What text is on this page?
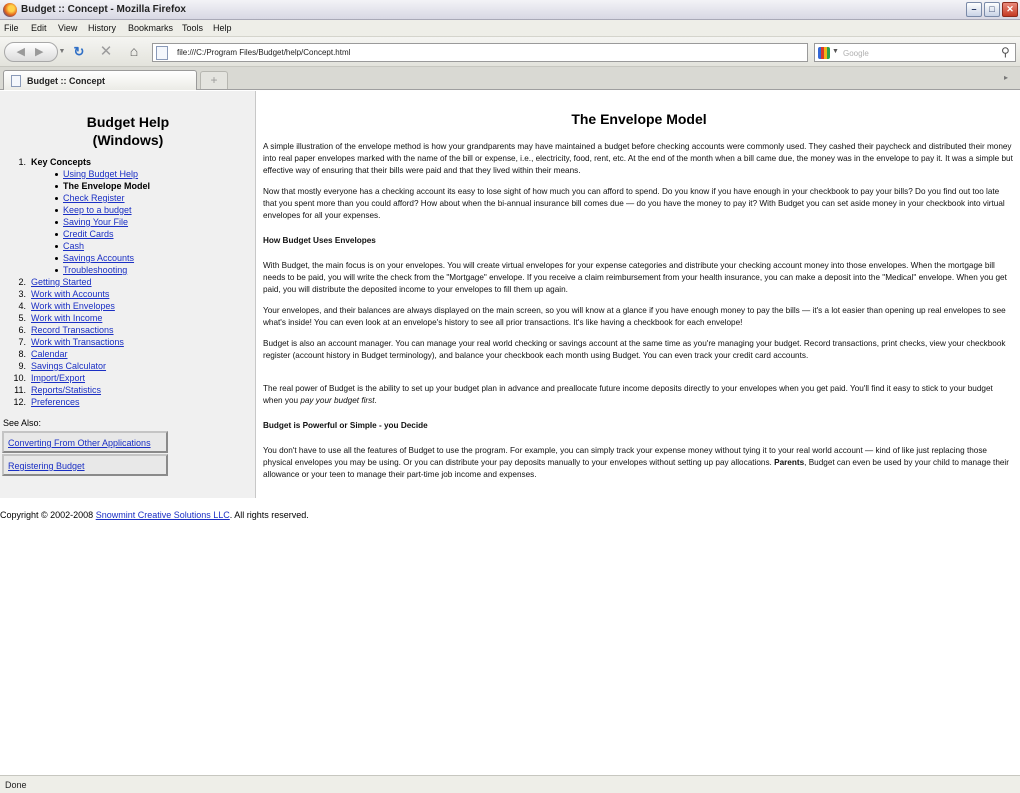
Budget :: Concept - Mozilla Firefox	–	□	✕
File Edit View History Bookmarks Tools Help
◀▶ ▼ ↻	✕	⌂	file:///C:/Program Files/Budget/help/Concept.html	▼ Google	⚲
Budget :: Concept	+	▸
Budget Help
(Windows)
1. Key Concepts
Using Budget Help
The Envelope Model
Check Register
Keep to a budget
Saving Your File
Credit Cards
Cash
Savings Accounts
Troubleshooting
2. Getting Started
3. Work with Accounts
4. Work with Envelopes
5. Work with Income
6. Record Transactions
7. Work with Transactions
8. Calendar
9. Savings Calculator
10. Import/Export
11. Reports/Statistics
12. Preferences
See Also:
Converting From Other Applications
Registering Budget
The Envelope Model

A simple illustration of the envelope method is how your grandparents may have maintained a budget before checking accounts were commonly used. They cashed their paycheck and distributed their money into real paper envelopes marked with the name of the bill or expense, i.e., electricity, food, rent, etc. At the end of the month when a bill came due, the money was in the envelope to pay it. It was a simple but effective way of ensuring that their bills were paid and that they lived within their means.

Now that mostly everyone has a checking account its easy to lose sight of how much you can afford to spend. Do you know if you have enough in your checkbook to pay your bills? Do you find out too late that you spent more than you could afford? How about when the bi-annual insurance bill comes due — do you have the money to pay it? With Budget you can set aside money in your checkbook into virtual envelopes for all your expenses.

How Budget Uses Envelopes

With Budget, the main focus is on your envelopes. You will create virtual envelopes for your expense categories and distribute your checking account money into those envelopes. When the mortgage bill needs to be paid, you will write the check from the "Mortgage" envelope. If you receive a claim reimbursement from your health insurance, you can make a deposit into the "Medical" envelope. When you get paid, you will distribute the deposited income to your envelopes to fill them up again.

Your envelopes, and their balances are always displayed on the main screen, so you will know at a glance if you have enough money to pay the bills — it's a lot easier than opening up real envelopes to see what's inside! You can even look at an envelope's history to see all prior transactions. It's like having a checkbook for each envelope!

Budget is also an account manager. You can manage your real world checking or savings account at the same time as you're managing your budget. Record transactions, print checks, view your checkbook register (account history in Budget terminology), and balance your checkbook each month using Budget. You can even track your credit card accounts.

The real power of Budget is the ability to set up your budget plan in advance and preallocate future income deposits directly to your envelopes when you get paid. You'll find it easy to stick to your budget when you pay your budget first.

Budget is Powerful or Simple - you Decide

You don't have to use all the features of Budget to use the program. For example, you can simply track your expense money without tying it to your real world account — kind of like just replacing those physical envelopes you may be using. Or you can distribute your pay deposits manually to your envelopes without setting up pay allocations. Parents, Budget can even be used by your child to manage their allowance or your teen to manage their part-time job income and expenses.

Copyright © 2002-2008 Snowmint Creative Solutions LLC. All rights reserved.
Done
